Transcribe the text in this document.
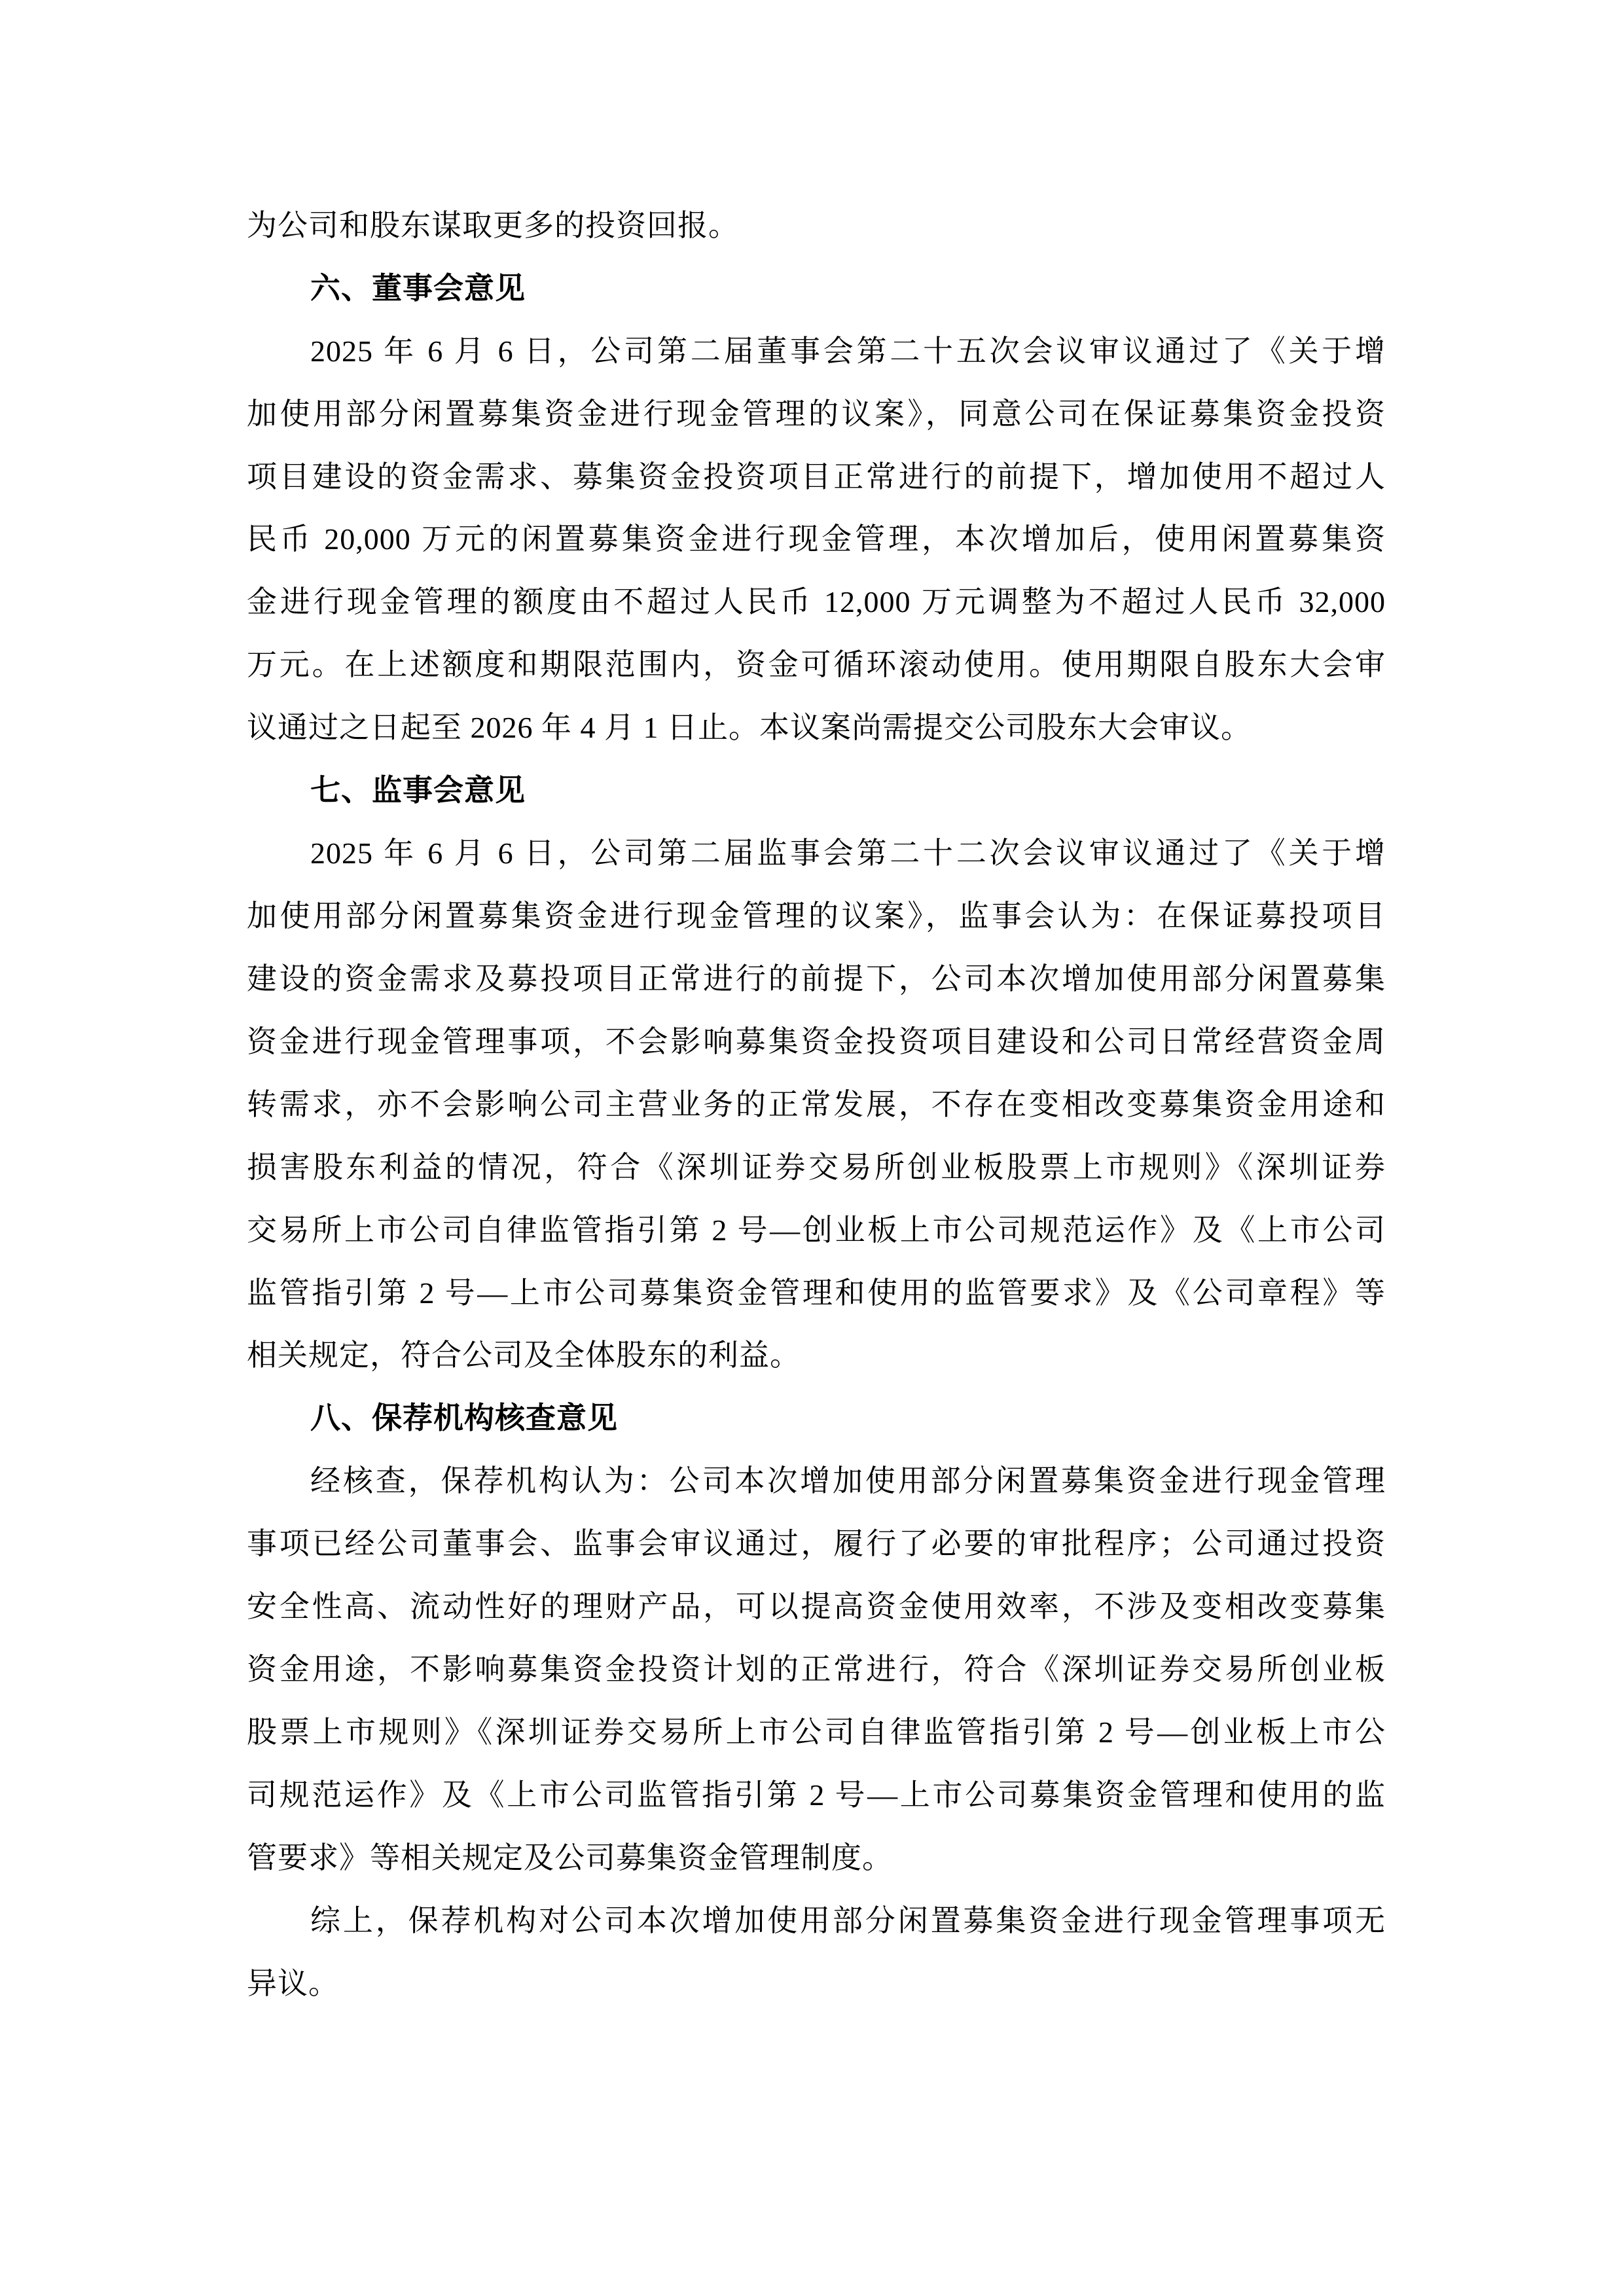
为公司和股东谋取更多的投资回报。
六、董事会意见
2025 年 6 月 6 日，公司第二届董事会第二十五次会议审议通过了《关于增
加使用部分闲置募集资金进行现金管理的议案》，同意公司在保证募集资金投资
项目建设的资金需求、募集资金投资项目正常进行的前提下，增加使用不超过人
民币 20,000 万元的闲置募集资金进行现金管理，本次增加后，使用闲置募集资
金进行现金管理的额度由不超过人民币 12,000 万元调整为不超过人民币 32,000
万元。在上述额度和期限范围内，资金可循环滚动使用。使用期限自股东大会审
议通过之日起至 2026 年 4 月 1 日止。本议案尚需提交公司股东大会审议。
七、监事会意见
2025 年 6 月 6 日，公司第二届监事会第二十二次会议审议通过了《关于增
加使用部分闲置募集资金进行现金管理的议案》，监事会认为：在保证募投项目
建设的资金需求及募投项目正常进行的前提下，公司本次增加使用部分闲置募集
资金进行现金管理事项，不会影响募集资金投资项目建设和公司日常经营资金周
转需求，亦不会影响公司主营业务的正常发展，不存在变相改变募集资金用途和
损害股东利益的情况，符合《深圳证券交易所创业板股票上市规则》《深圳证券
交易所上市公司自律监管指引第 2 号—创业板上市公司规范运作》及《上市公司
监管指引第 2 号—上市公司募集资金管理和使用的监管要求》及《公司章程》等
相关规定，符合公司及全体股东的利益。
八、保荐机构核查意见
经核查，保荐机构认为：公司本次增加使用部分闲置募集资金进行现金管理
事项已经公司董事会、监事会审议通过，履行了必要的审批程序；公司通过投资
安全性高、流动性好的理财产品，可以提高资金使用效率，不涉及变相改变募集
资金用途，不影响募集资金投资计划的正常进行，符合《深圳证券交易所创业板
股票上市规则》《深圳证券交易所上市公司自律监管指引第 2 号—创业板上市公
司规范运作》及《上市公司监管指引第 2 号—上市公司募集资金管理和使用的监
管要求》等相关规定及公司募集资金管理制度。
综上，保荐机构对公司本次增加使用部分闲置募集资金进行现金管理事项无
异议。
